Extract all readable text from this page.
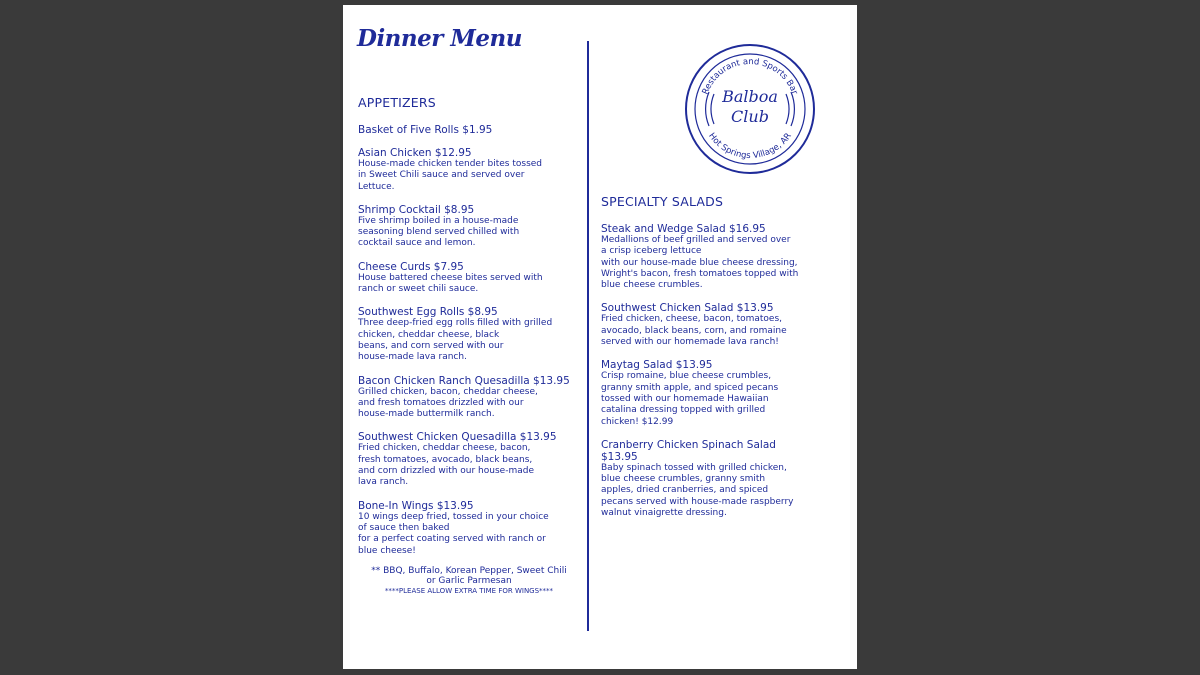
Dinner Menu
APPETIZERS
Basket of Five Rolls $1.95
Asian Chicken $12.95
House-made chicken tender bites tossed
in Sweet Chili sauce and served over
Lettuce.
Shrimp Cocktail $8.95
Five shrimp boiled in a house-made
seasoning blend served chilled with
cocktail sauce and lemon.
Cheese Curds $7.95
House battered cheese bites served with
ranch or sweet chili sauce.
Southwest Egg Rolls $8.95
Three deep-fried egg rolls filled with grilled
chicken, cheddar cheese, black
beans, and corn served with our
house-made lava ranch.
Bacon Chicken Ranch Quesadilla $13.95
Grilled chicken, bacon, cheddar cheese,
and fresh tomatoes drizzled with our
house-made buttermilk ranch.
Southwest Chicken Quesadilla $13.95
Fried chicken, cheddar cheese, bacon,
fresh tomatoes, avocado, black beans,
and corn drizzled with our house-made
lava ranch.
Bone-In Wings $13.95
10 wings deep fried, tossed in your choice
of sauce then baked
for a perfect coating served with ranch or
blue cheese!
** BBQ, Buffalo, Korean Pepper, Sweet Chili
or Garlic Parmesan
****PLEASE ALLOW EXTRA TIME FOR WINGS****
Restaurant and Sports Bar
Hot Springs Village, AR
Balboa
Club
SPECIALTY SALADS
Steak and Wedge Salad $16.95
Medallions of beef grilled and served over
a crisp iceberg lettuce
with our house-made blue cheese dressing,
Wright's bacon, fresh tomatoes topped with
blue cheese crumbles.
Southwest Chicken Salad $13.95
Fried chicken, cheese, bacon, tomatoes,
avocado, black beans, corn, and romaine
served with our homemade lava ranch!
Maytag Salad $13.95
Crisp romaine, blue cheese crumbles,
granny smith apple, and spiced pecans
tossed with our homemade Hawaiian
catalina dressing topped with grilled
chicken! $12.99
Cranberry Chicken Spinach Salad
$13.95
Baby spinach tossed with grilled chicken,
blue cheese crumbles, granny smith
apples, dried cranberries, and spiced
pecans served with house-made raspberry
walnut vinaigrette dressing.
